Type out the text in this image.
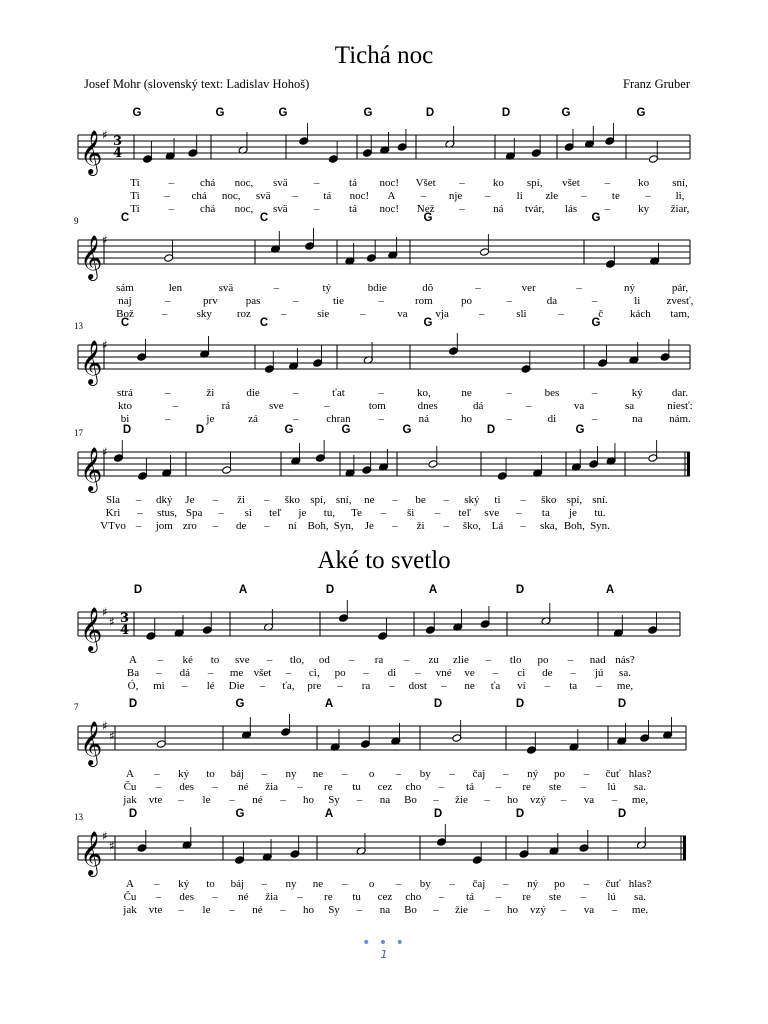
Tichá noc
Josef Mohr (slovenský text: Ladislav Hohoš)	Franz Gruber
G	G	G	G	D	D	G	G
𝄞 ♯ 3
4
Ti	– chá noc, svä –	tá noc! Všet –	ko spí, všet –	ko sní,
Ti – chá noc, svä – tá noc! A – nje – li zle – te – li,
Ti	– chá noc, svä –	tá noc! Než –	ná tvár, lás –	ky žiar,
C	C	G	G
9
𝄞 ♯
sám	len	svä	–	tý	bdie	dô	–	ver	–	ný	pár,
naj	–	prv	pas	–	tie	–	rom	po	–	da	–	li zvesť,
Bož	–	sky roz	–	sie	–	va	vja	–	sli	–	č kách tam,
C	C	G	G
13
𝄞 ♯
strá	–	ži	die	–	ťat	–	ko,	ne	–	bes	–	ký	dar.
kto	–	rá	sve	–	tom	dnes	dá	–	va	sa	niesť:
bi	–	je	zá	–	chran	–	ná	ho	–	di	–	na nám.
D	D	G	G	G	D	G
17
𝄞 ♯
Sla – dký Je – ži – ško spí, sní, ne – be – ský ti – ško spí, sní.
Kri – stus, Spa – si teľ je tu, Te – ši – teľ sve – ta je tu.
VTvo – jom zro – de – ní Boh, Syn, Je – ži – ško, Lá – ska, Boh, Syn.
Aké to svetlo
D	A	D	A	D	A
𝄞 ♯
♯ 3
4
A – ké to sve – tlo, od – ra – zu zlie – tlo po – nad nás?
Ba – dá – me všet – ci, po – di – vné ve – ci de – jú sa.
Ó, mi – lé Die – ťa, pre – ra – dost – ne ťa ví – ta – me,
D	G	A	D	D	D
7
𝄞 ♯
♯
A – ký to báj – ny ne – o – by – čaj – ný po – čuť hlas?
Ču – des – né žia – re tu cez cho – tá – re ste – lú sa.
jak vte – le – né – ho Sy – na Bo – žie – ho vzý – va – me,
D	G	A	D	D	D
13
𝄞 ♯
♯
A – ký to báj – ny ne – o – by – čaj – ný po – čuť hlas?
Ču – des – né žia – re tu cez cho – tá – re ste – lú sa.
jak vte – le – né – ho Sy – na Bo – žie – ho vzý – va – me.
• • •
1
